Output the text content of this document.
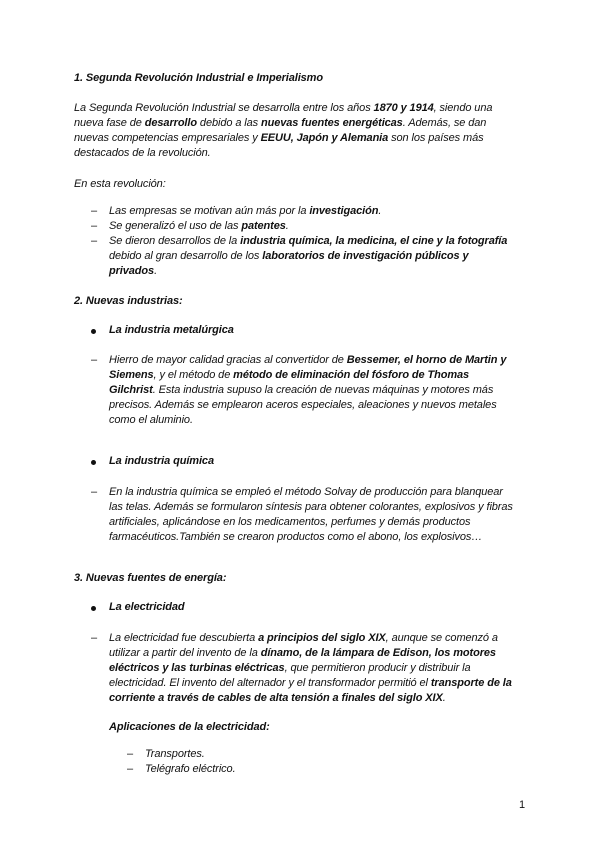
1. Segunda Revolución Industrial e Imperialismo
La Segunda Revolución Industrial se desarrolla entre los años 1870 y 1914, siendo una
nueva fase de desarrollo debido a las nuevas fuentes energéticas. Además, se dan
nuevas competencias empresariales y EEUU, Japón y Alemania son los países más
destacados de la revolución.
En esta revolución:
– Las empresas se motivan aún más por la investigación.
– Se generalizó el uso de las patentes.
– Se dieron desarrollos de la industria química, la medicina, el cine y la fotografía
debido al gran desarrollo de los laboratorios de investigación públicos y
privados.
2. Nuevas industrias:
La industria metalúrgica
– Hierro de mayor calidad gracias al convertidor de Bessemer, el horno de Martin y
Siemens, y el método de método de eliminación del fósforo de Thomas
Gilchrist. Esta industria supuso la creación de nuevas máquinas y motores más
precisos. Además se emplearon aceros especiales, aleaciones y nuevos metales
como el aluminio.
La industria química
– En la industria química se empleó el método Solvay de producción para blanquear
las telas. Además se formularon síntesis para obtener colorantes, explosivos y fibras
artificiales, aplicándose en los medicamentos, perfumes y demás productos
farmacéuticos.También se crearon productos como el abono, los explosivos…
3. Nuevas fuentes de energía:
La electricidad
– La electricidad fue descubierta a principios del siglo XIX, aunque se comenzó a
utilizar a partir del invento de la dínamo, de la lámpara de Edison, los motores
eléctricos y las turbinas eléctricas, que permitieron producir y distribuir la
electricidad. El invento del alternador y el transformador permitió el transporte de la
corriente a través de cables de alta tensión a finales del siglo XIX.
Aplicaciones de la electricidad:
– Transportes.
– Telégrafo eléctrico.
1
